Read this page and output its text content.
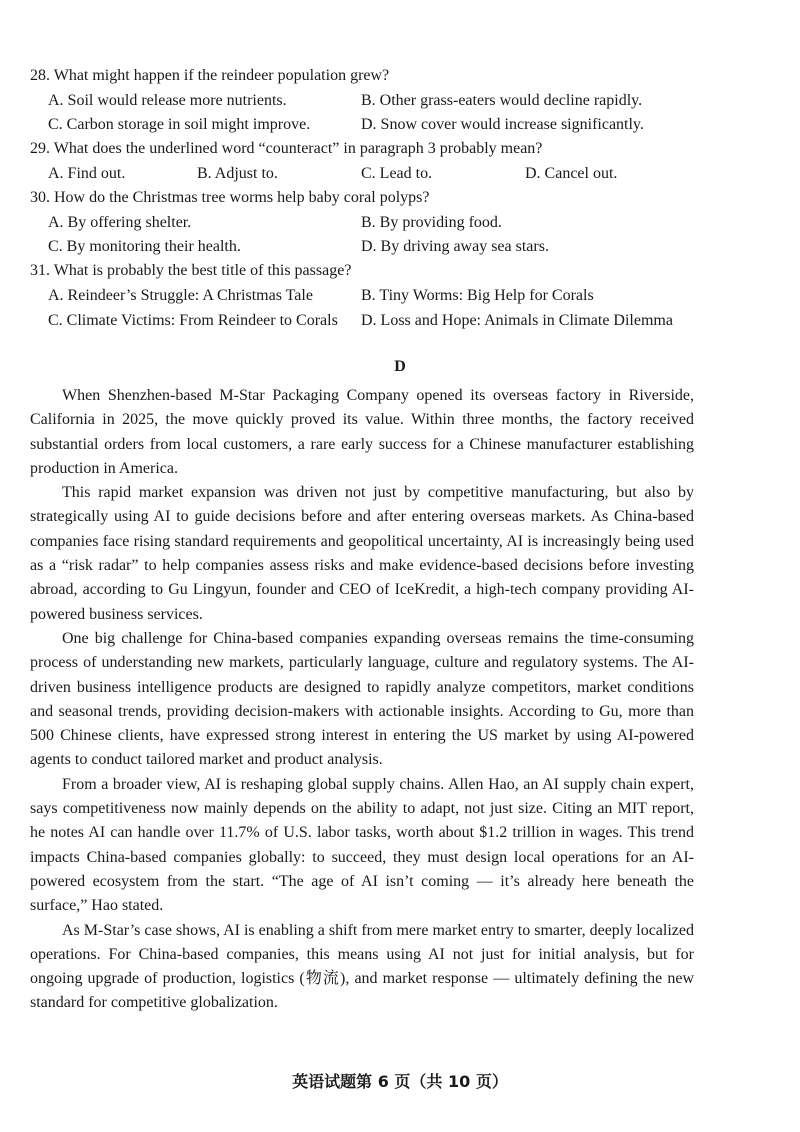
28. What might happen if the reindeer population grew?
A. Soil would release more nutrients.	B. Other grass-eaters would decline rapidly.
C. Carbon storage in soil might improve.	D. Snow cover would increase significantly.
29. What does the underlined word “counteract” in paragraph 3 probably mean?
A. Find out.	B. Adjust to.	C. Lead to.	D. Cancel out.
30. How do the Christmas tree worms help baby coral polyps?
A. By offering shelter.	B. By providing food.
C. By monitoring their health.	D. By driving away sea stars.
31. What is probably the best title of this passage?
A. Reindeer’s Struggle: A Christmas Tale	B. Tiny Worms: Big Help for Corals
C. Climate Victims: From Reindeer to Corals D. Loss and Hope: Animals in Climate Dilemma
D

When Shenzhen-based M-Star Packaging Company opened its overseas factory in Riverside, California in 2025, the move quickly proved its value. Within three months, the factory received substantial orders from local customers, a rare early success for a Chinese manufacturer establishing production in America.

This rapid market expansion was driven not just by competitive manufacturing, but also by strategically using AI to guide decisions before and after entering overseas markets. As China-based companies face rising standard requirements and geopolitical uncertainty, AI is increasingly being used as a “risk radar” to help companies assess risks and make evidence-based decisions before investing abroad, according to Gu Lingyun, founder and CEO of IceKredit, a high-tech company providing AI-powered business services.

One big challenge for China-based companies expanding overseas remains the time-consuming process of understanding new markets, particularly language, culture and regulatory systems. The AI-driven business intelligence products are designed to rapidly analyze competitors, market conditions and seasonal trends, providing decision-makers with actionable insights. According to Gu, more than 500 Chinese clients, have expressed strong interest in entering the US market by using AI-powered agents to conduct tailored market and product analysis.

From a broader view, AI is reshaping global supply chains. Allen Hao, an AI supply chain expert, says competitiveness now mainly depends on the ability to adapt, not just size. Citing an MIT report, he notes AI can handle over 11.7% of U.S. labor tasks, worth about $1.2 trillion in wages. This trend impacts China-based companies globally: to succeed, they must design local operations for an AI-powered ecosystem from the start. “The age of AI isn’t coming — it’s already here beneath the surface,” Hao stated.

As M-Star’s case shows, AI is enabling a shift from mere market entry to smarter, deeply localized operations. For China-based companies, this means using AI not just for initial analysis, but for ongoing upgrade of production, logistics (物流), and market response — ultimately defining the new standard for competitive globalization.

英语试题第 6 页（共 10 页）
